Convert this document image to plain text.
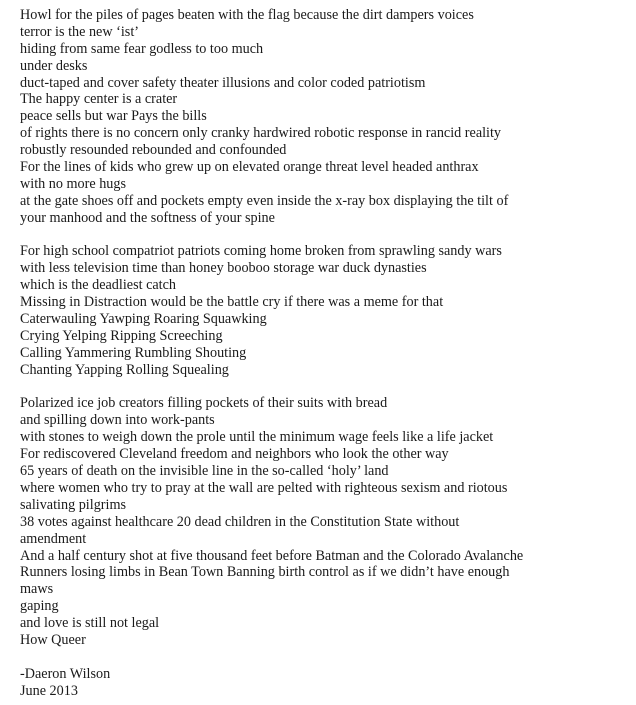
Howl for the piles of pages beaten with the flag because the dirt dampers voices
terror is the new ‘ist’
hiding from same fear godless to too much
under desks
duct-taped and cover safety theater illusions and color coded patriotism
The happy center is a crater
peace sells but war Pays the bills
of rights there is no concern only cranky hardwired robotic response in rancid reality
robustly resounded rebounded and confounded
For the lines of kids who grew up on elevated orange threat level headed anthrax
with no more hugs
at the gate shoes off and pockets empty even inside the x-ray box displaying the tilt of
your manhood and the softness of your spine
For high school compatriot patriots coming home broken from sprawling sandy wars
with less television time than honey booboo storage war duck dynasties
which is the deadliest catch
Missing in Distraction would be the battle cry if there was a meme for that
Caterwauling Yawping Roaring Squawking
Crying Yelping Ripping Screeching
Calling Yammering Rumbling Shouting
Chanting Yapping Rolling Squealing
Polarized ice job creators filling pockets of their suits with bread
and spilling down into work-pants
with stones to weigh down the prole until the minimum wage feels like a life jacket
For rediscovered Cleveland freedom and neighbors who look the other way
65 years of death on the invisible line in the so-called ‘holy’ land
where women who try to pray at the wall are pelted with righteous sexism and riotous
salivating pilgrims
38 votes against healthcare 20 dead children in the Constitution State without
amendment
And a half century shot at five thousand feet before Batman and the Colorado Avalanche
Runners losing limbs in Bean Town Banning birth control as if we didn’t have enough
maws
gaping
and love is still not legal
How Queer
-Daeron Wilson
June 2013
